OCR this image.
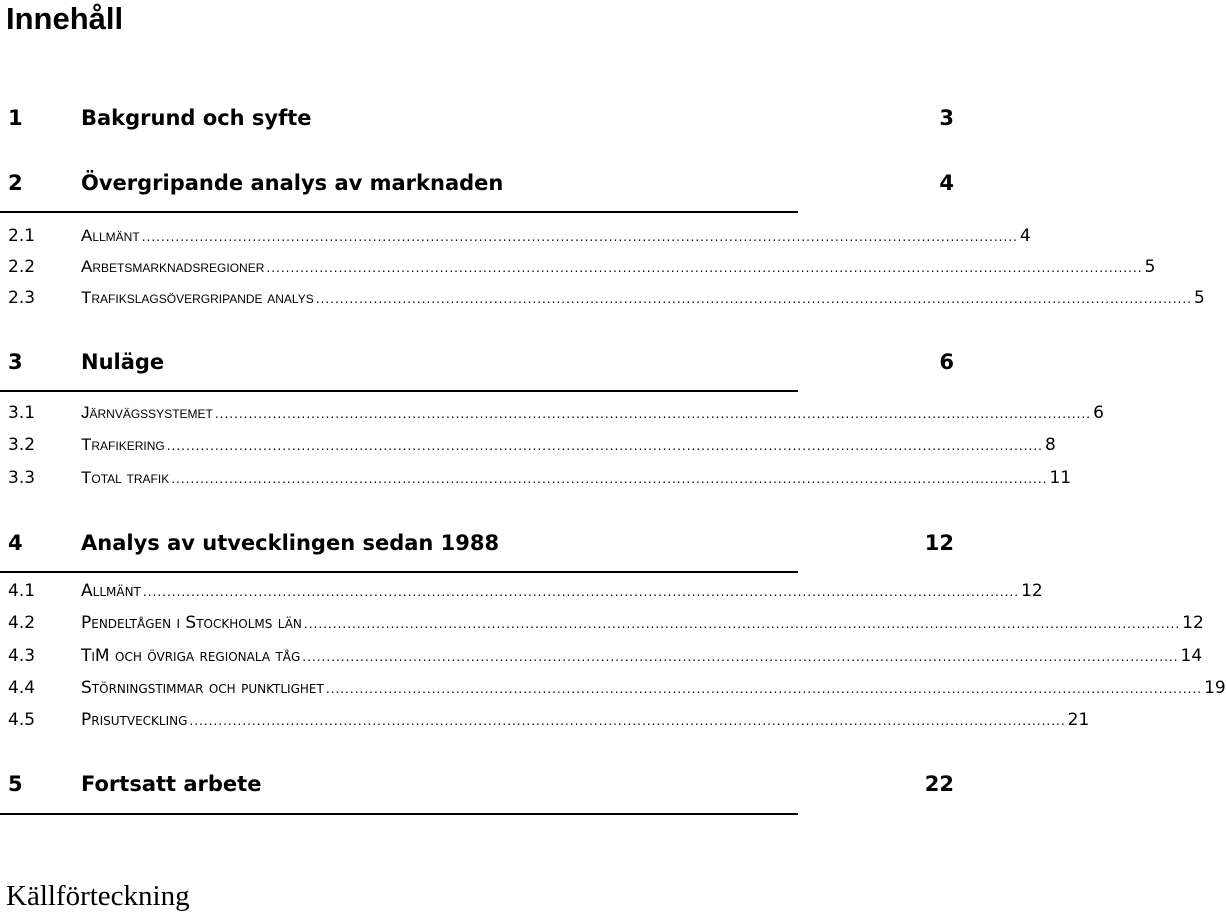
Innehåll
1	Bakgrund och syfte	3
2	Övergripande analys av marknaden	4
2.1	Allmänt ...................................................................................................................................................................................... 4
2.2	Arbetsmarknadsregioner ...................................................................................................................................................................................... 5
2.3	Trafikslagsövergripande analys ...................................................................................................................................................................................... 5
3	Nuläge	6
3.1	Järnvägssystemet ...................................................................................................................................................................................... 6
3.2	Trafikering ...................................................................................................................................................................................... 8
3.3	Total trafik ...................................................................................................................................................................................... 11
4	Analys av utvecklingen sedan 1988	12
4.1	Allmänt ...................................................................................................................................................................................... 12
4.2	Pendeltågen i Stockholms län ...................................................................................................................................................................................... 12
4.3	TiM och övriga regionala tåg ...................................................................................................................................................................................... 14
4.4	Störningstimmar och punktlighet ...................................................................................................................................................................................... 19
4.5	Prisutveckling ...................................................................................................................................................................................... 21
5	Fortsatt arbete	22
Källförteckning
